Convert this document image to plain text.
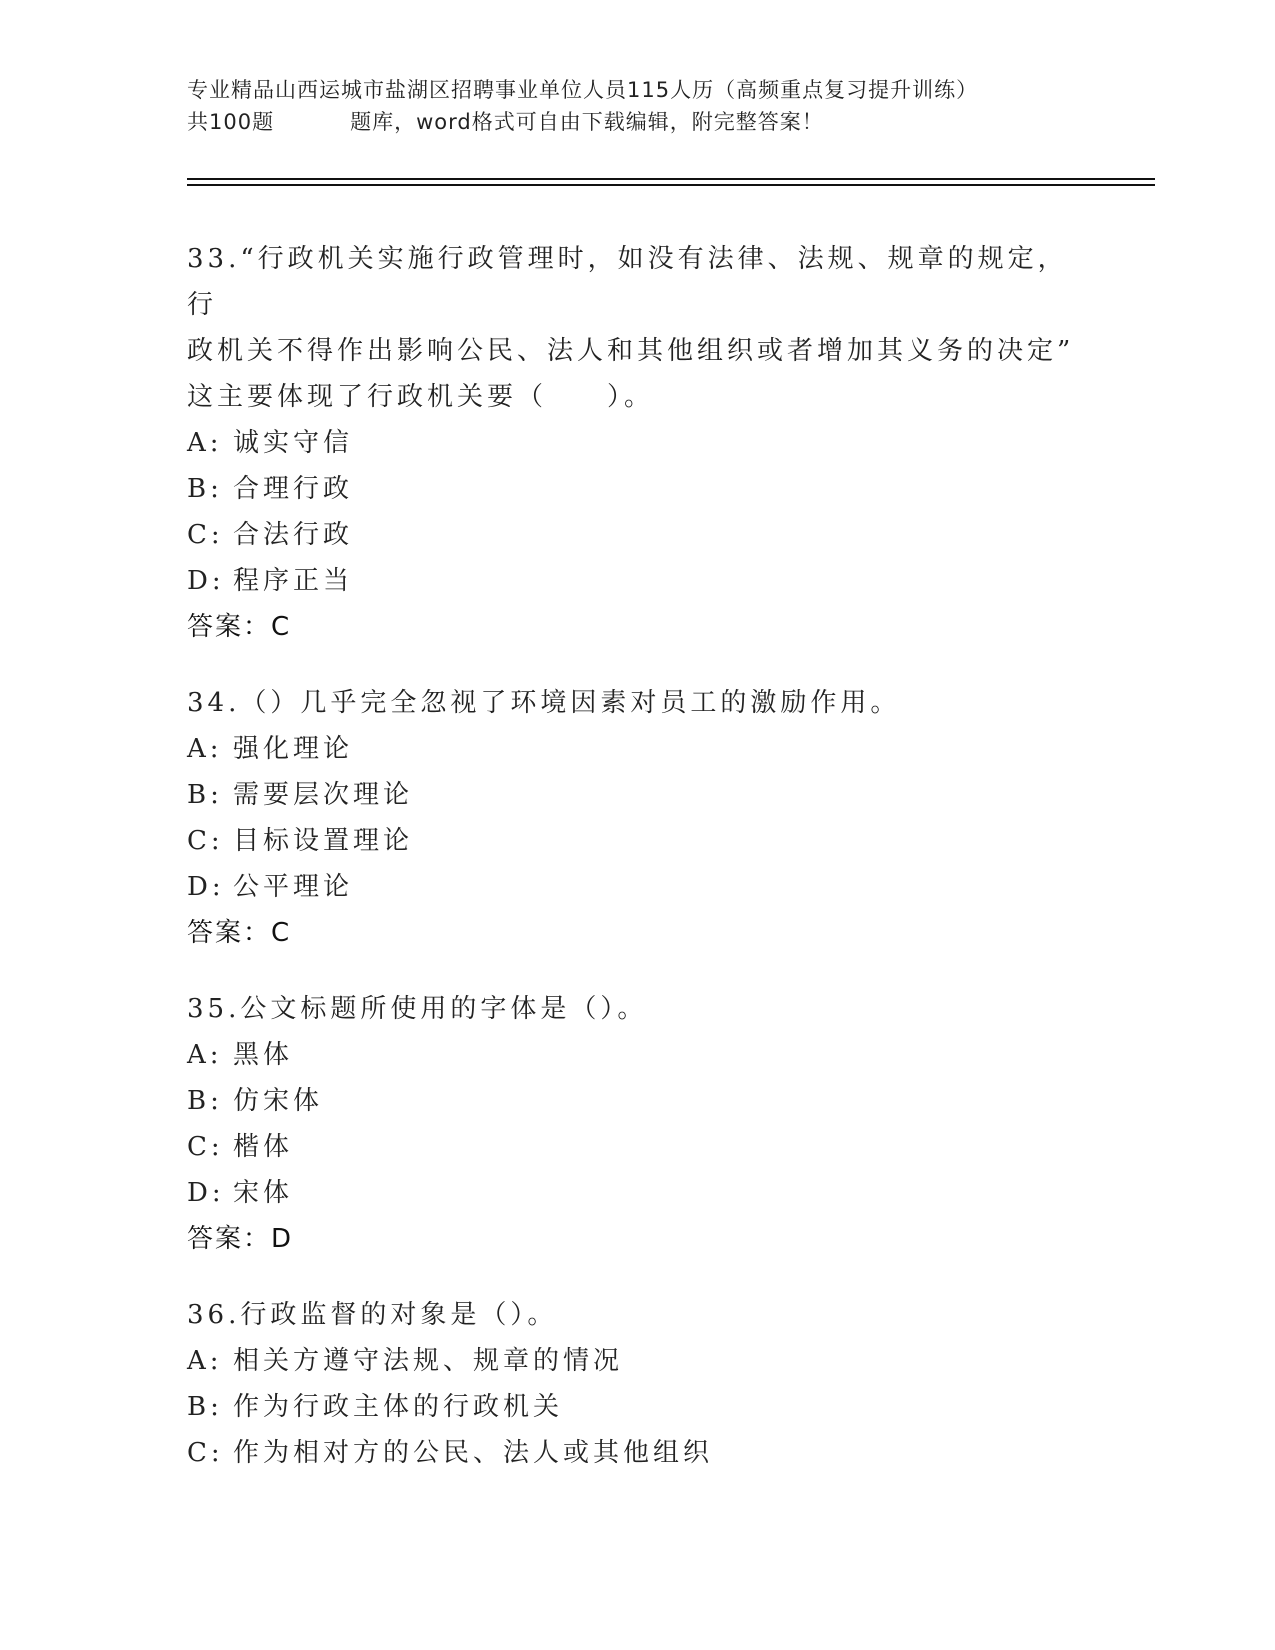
专业精品山西运城市盐湖区招聘事业单位人员115人历（高频重点复习提升训练）
共100题	题库，word格式可自由下载编辑，附完整答案！
33.“行政机关实施行政管理时，如没有法律、法规、规章的规定，行
政机关不得作出影响公民、法人和其他组织或者增加其义务的决定”
这主要体现了行政机关要（　　）。
A: 诚实守信
B: 合理行政
C: 合法行政
D: 程序正当
答案：C
34.（）几乎完全忽视了环境因素对员工的激励作用。
A: 强化理论
B: 需要层次理论
C: 目标设置理论
D: 公平理论
答案：C
35.公文标题所使用的字体是（）。
A: 黑体
B: 仿宋体
C: 楷体
D: 宋体
答案：D
36.行政监督的对象是（）。
A: 相关方遵守法规、规章的情况
B: 作为行政主体的行政机关
C: 作为相对方的公民、法人或其他组织
